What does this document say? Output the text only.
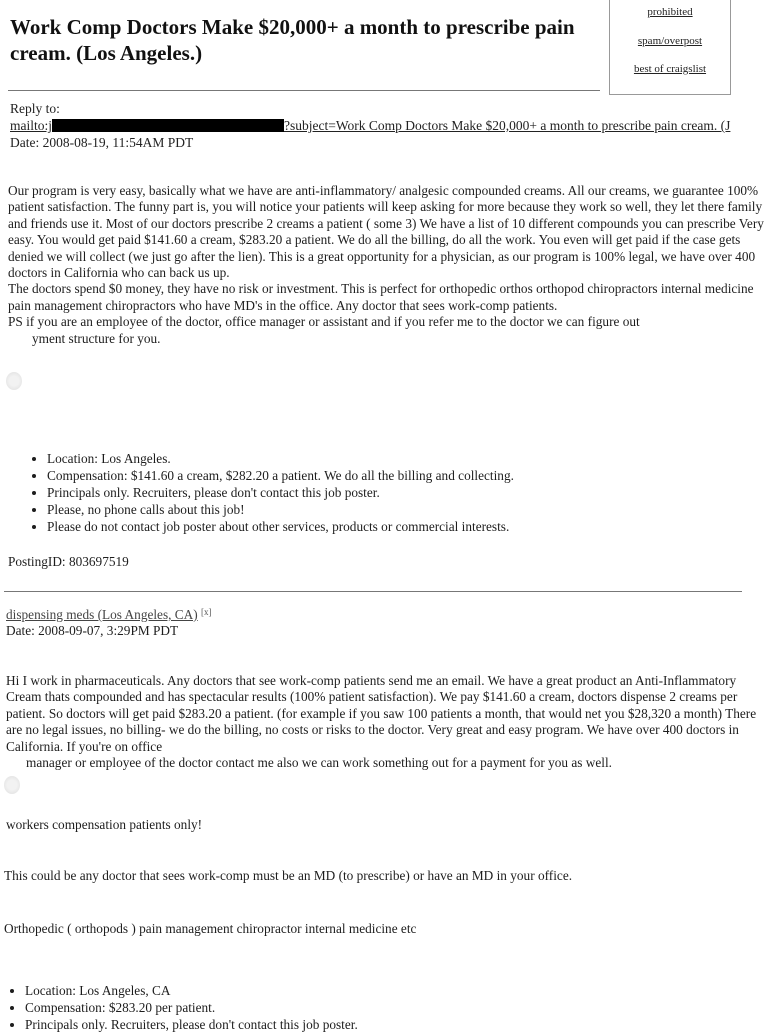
Work Comp Doctors Make $20,000+ a month to prescribe pain cream. (Los Angeles.)
prohibited
spam/overpost
best of craigslist
Reply to:
mailto:j	?subject=Work Comp Doctors Make $20,000+ a month to prescribe pain cream. (J
Date: 2008-08-19, 11:54AM PDT

Our program is very easy, basically what we have are anti-inflammatory/ analgesic compounded creams. All our creams, we guarantee 100% patient satisfaction. The funny part is, you will notice your patients will keep asking for more because they work so well, they let there family and friends use it. Most of our doctors prescribe 2 creams a patient ( some 3) We have a list of 10 different compounds you can prescribe Very easy. You would get paid $141.60 a cream, $283.20 a patient. We do all the billing, do all the work. You even will get paid if the case gets denied we will collect (we just go after the lien). This is a great opportunity for a physician, as our program is 100% legal, we have over 400 doctors in California who can back us up.

The doctors spend $0 money, they have no risk or investment. This is perfect for orthopedic orthos orthopod chiropractors internal medicine pain management chiropractors who have MD's in the office. Any doctor that sees work-comp patients.

PS if you are an employee of the doctor, office manager or assistant and if you refer me to the doctor we can figure out

yment structure for you.

• Location: Los Angeles.
• Compensation: $141.60 a cream, $282.20 a patient. We do all the billing and collecting.
• Principals only. Recruiters, please don't contact this job poster.
• Please, no phone calls about this job!
• Please do not contact job poster about other services, products or commercial interests.
PostingID: 803697519
dispensing meds (Los Angeles, CA) [x]
Date: 2008-09-07, 3:29PM PDT

Hi I work in pharmaceuticals. Any doctors that see work-comp patients send me an email. We have a great product an Anti-Inflammatory Cream thats compounded and has spectacular results (100% patient satisfaction). We pay $141.60 a cream, doctors dispense 2 creams per patient. So doctors will get paid $283.20 a patient. (for example if you saw 100 patients a month, that would net you $28,320 a month) There are no legal issues, no billing- we do the billing, no costs or risks to the doctor. Very great and easy program. We have over 400 doctors in California. If you're on office

manager or employee of the doctor contact me also we can work something out for a payment for you as well.

workers compensation patients only!
This could be any doctor that sees work-comp must be an MD (to prescribe) or have an MD in your office.
Orthopedic ( orthopods ) pain management chiropractor internal medicine etc
• Location: Los Angeles, CA
• Compensation: $283.20 per patient.
• Principals only. Recruiters, please don't contact this job poster.
